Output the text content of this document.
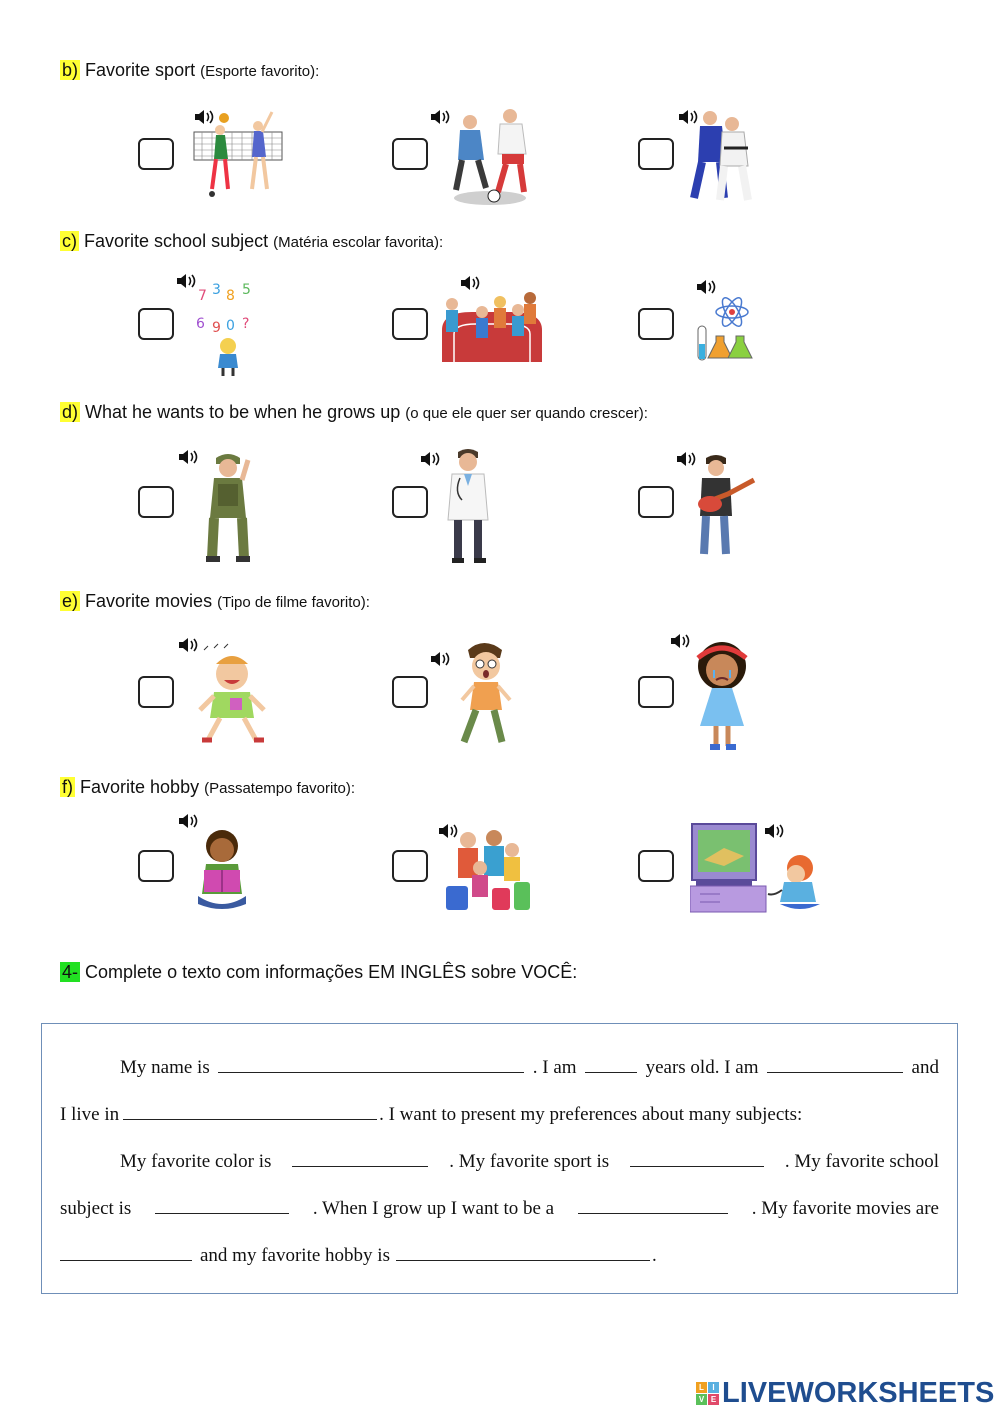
b) Favorite sport (Esporte favorito):
c) Favorite school subject (Matéria escolar favorita):
7 3 8 5
6 9 0 ?
d) What he wants to be when he grows up (o que ele quer ser quando crescer):
e) Favorite movies (Tipo de filme favorito):
f) Favorite hobby (Passatempo favorito):
4- Complete o texto com informações EM INGLÊS sobre VOCÊ:
My name is	. I am	years old. I am	and
I live in	. I want to present my preferences about many subjects:
My favorite color is	. My favorite sport is	. My favorite school
subject is	. When I grow up I want to be a	. My favorite movies are
and my favorite hobby is	.
L	I
V E LIVEWORKSHEETS
